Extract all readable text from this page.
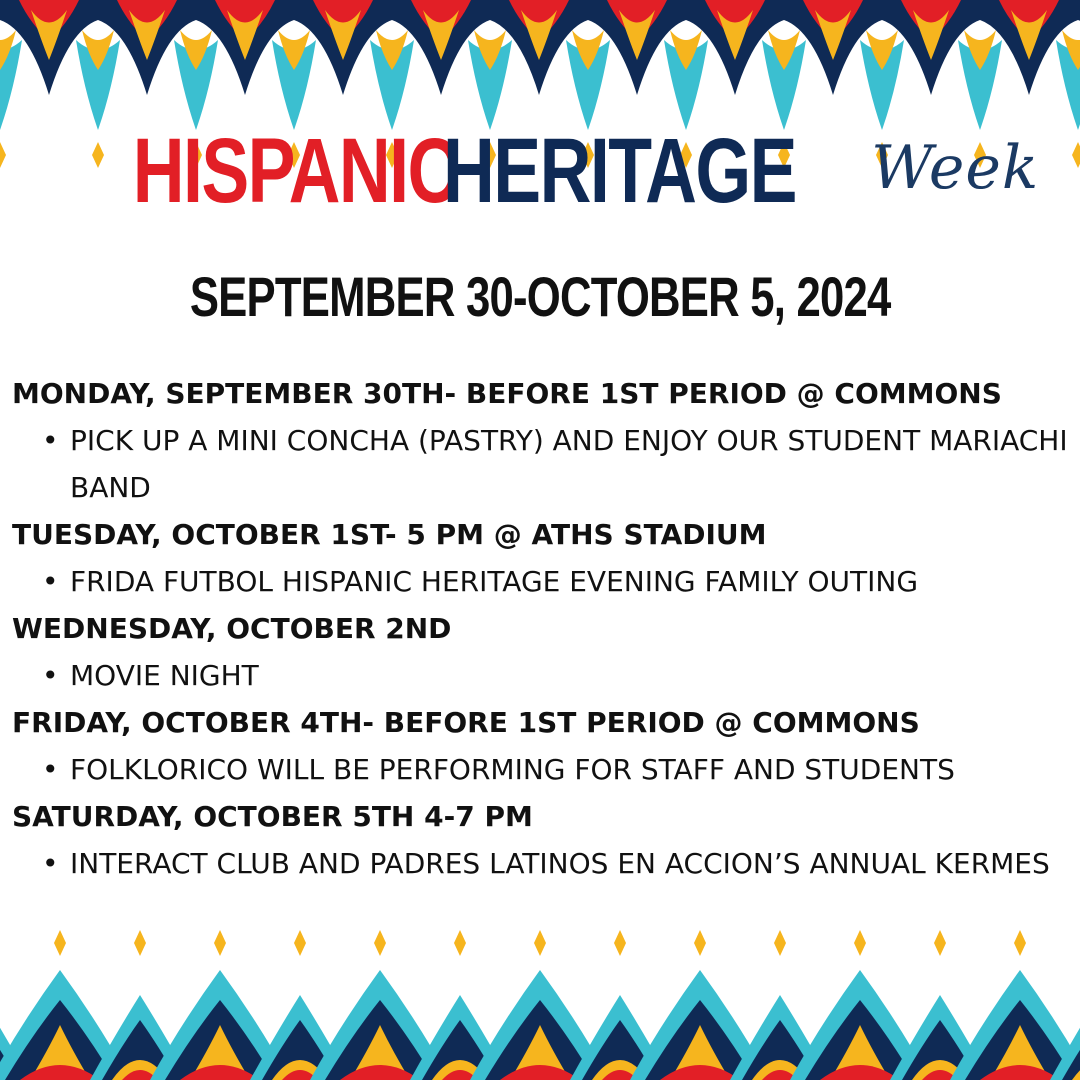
HISPANIC HERITAGE Week
SEPTEMBER 30-OCTOBER 5, 2024
MONDAY, SEPTEMBER 30TH- BEFORE 1ST PERIOD @ COMMONS
• PICK UP A MINI CONCHA (PASTRY) AND ENJOY OUR STUDENT MARIACHI BAND
TUESDAY, OCTOBER 1ST- 5 PM @ ATHS STADIUM
• FRIDA FUTBOL HISPANIC HERITAGE EVENING FAMILY OUTING
WEDNESDAY, OCTOBER 2ND
• MOVIE NIGHT
FRIDAY, OCTOBER 4TH- BEFORE 1ST PERIOD @ COMMONS
• FOLKLORICO WILL BE PERFORMING FOR STAFF AND STUDENTS
SATURDAY, OCTOBER 5TH 4-7 PM
• INTERACT CLUB AND PADRES LATINOS EN ACCION’S ANNUAL KERMES
